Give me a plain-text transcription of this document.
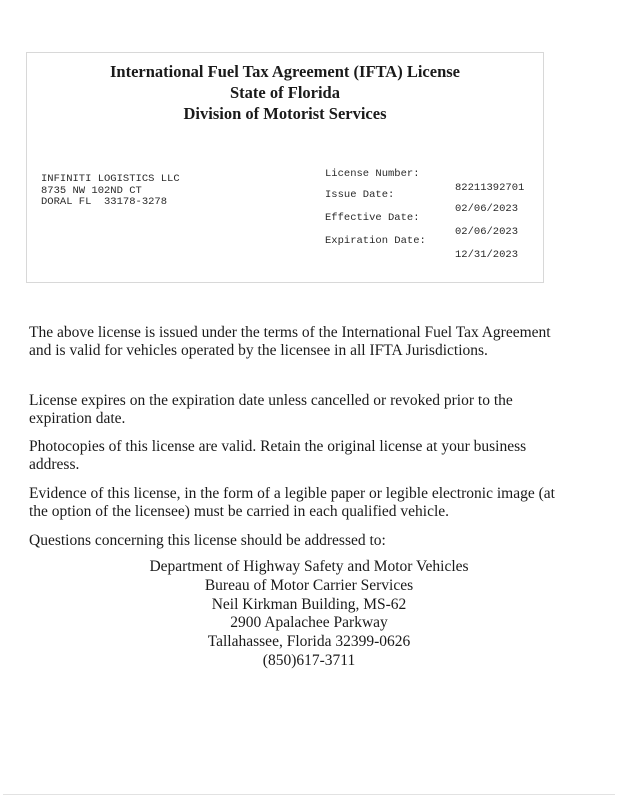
International Fuel Tax Agreement (IFTA) License
State of Florida
Division of Motorist Services
INFINITI LOGISTICS LLC
8735 NW 102ND CT
DORAL FL  33178-3278

License Number:

82211392701

Issue Date:

02/06/2023

Effective Date:

02/06/2023

Expiration Date:

12/31/2023

The above license is issued under the terms of the International Fuel Tax Agreement and is valid for vehicles operated by the licensee in all IFTA Jurisdictions.

License expires on the expiration date unless cancelled or revoked prior to the expiration date.

Photocopies of this license are valid. Retain the original license at your business address.

Evidence of this license, in the form of a legible paper or legible electronic image (at the option of the licensee) must be carried in each qualified vehicle.

Questions concerning this license should be addressed to:

Department of Highway Safety and Motor Vehicles
Bureau of Motor Carrier Services
Neil Kirkman Building, MS-62
2900 Apalachee Parkway
Tallahassee, Florida 32399-0626
(850)617-3711
